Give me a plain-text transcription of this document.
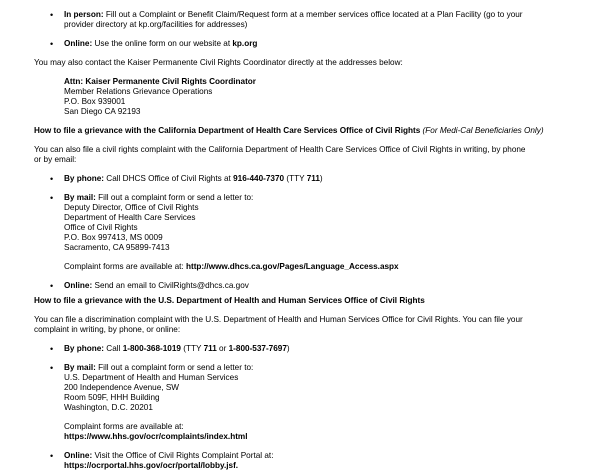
• In person: Fill out a Complaint or Benefit Claim/Request form at a member services office located at a Plan Facility (go to your
provider directory at kp.org/facilities for addresses)

• Online: Use the online form on our website at kp.org

You may also contact the Kaiser Permanente Civil Rights Coordinator directly at the addresses below:

Attn: Kaiser Permanente Civil Rights Coordinator

Member Relations Grievance Operations

P.O. Box 939001

San Diego CA 92193

How to file a grievance with the California Department of Health Care Services Office of Civil Rights (For Medi-Cal Beneficiaries Only)

You can also file a civil rights complaint with the California Department of Health Care Services Office of Civil Rights in writing, by phone
or by email:

• By phone: Call DHCS Office of Civil Rights at 916-440-7370 (TTY 711)

• By mail: Fill out a complaint form or send a letter to:

Deputy Director, Office of Civil Rights

Department of Health Care Services

Office of Civil Rights

P.O. Box 997413, MS 0009

Sacramento, CA 95899-7413

Complaint forms are available at: http://www.dhcs.ca.gov/Pages/Language_Access.aspx

• Online: Send an email to CivilRights@dhcs.ca.gov

How to file a grievance with the U.S. Department of Health and Human Services Office of Civil Rights

You can file a discrimination complaint with the U.S. Department of Health and Human Services Office for Civil Rights. You can file your
complaint in writing, by phone, or online:

• By phone: Call 1-800-368-1019 (TTY 711 or 1-800-537-7697)

• By mail: Fill out a complaint form or send a letter to:

U.S. Department of Health and Human Services

200 Independence Avenue, SW

Room 509F, HHH Building

Washington, D.C. 20201

Complaint forms are available at:

https://www.hhs.gov/ocr/complaints/index.html

• Online: Visit the Office of Civil Rights Complaint Portal at:

https://ocrportal.hhs.gov/ocr/portal/lobby.jsf.
